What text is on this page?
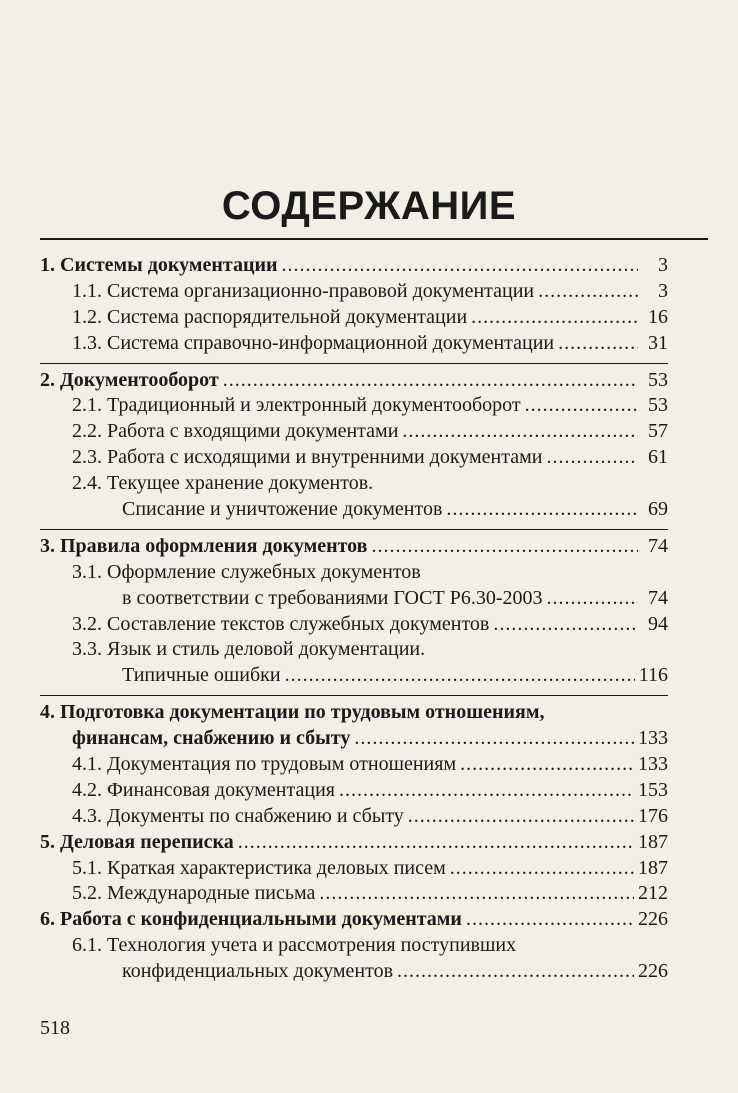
СОДЕРЖАНИЕ
1. Системы документации .....	3
1.1. Система организационно-правовой документации .....	3
1.2. Система распорядительной документации .....	16
1.3. Система справочно-информационной документации .....	31
2. Документооборот .....	53
2.1. Традиционный и электронный документооборот .....	53
2.2. Работа с входящими документами .....	57
2.3. Работа с исходящими и внутренними документами .....	61
2.4. Текущее хранение документов.
Списание и уничтожение документов .....	69
3. Правила оформления документов .....	74
3.1. Оформление служебных документов
в соответствии с требованиями ГОСТ Р6.30-2003 .....	74
3.2. Составление текстов служебных документов .....	94
3.3. Язык и стиль деловой документации.
Типичные ошибки .....	116
4. Подготовка документации по трудовым отношениям,
финансам, снабжению и сбыту .....	133
4.1. Документация по трудовым отношениям .....	133
4.2. Финансовая документация .....	153
4.3. Документы по снабжению и сбыту .....	176
5. Деловая переписка .....	187
5.1. Краткая характеристика деловых писем .....	187
5.2. Международные письма .....	212
6. Работа с конфиденциальными документами .....	226
6.1. Технология учета и рассмотрения поступивших
конфиденциальных документов .....	226
518
